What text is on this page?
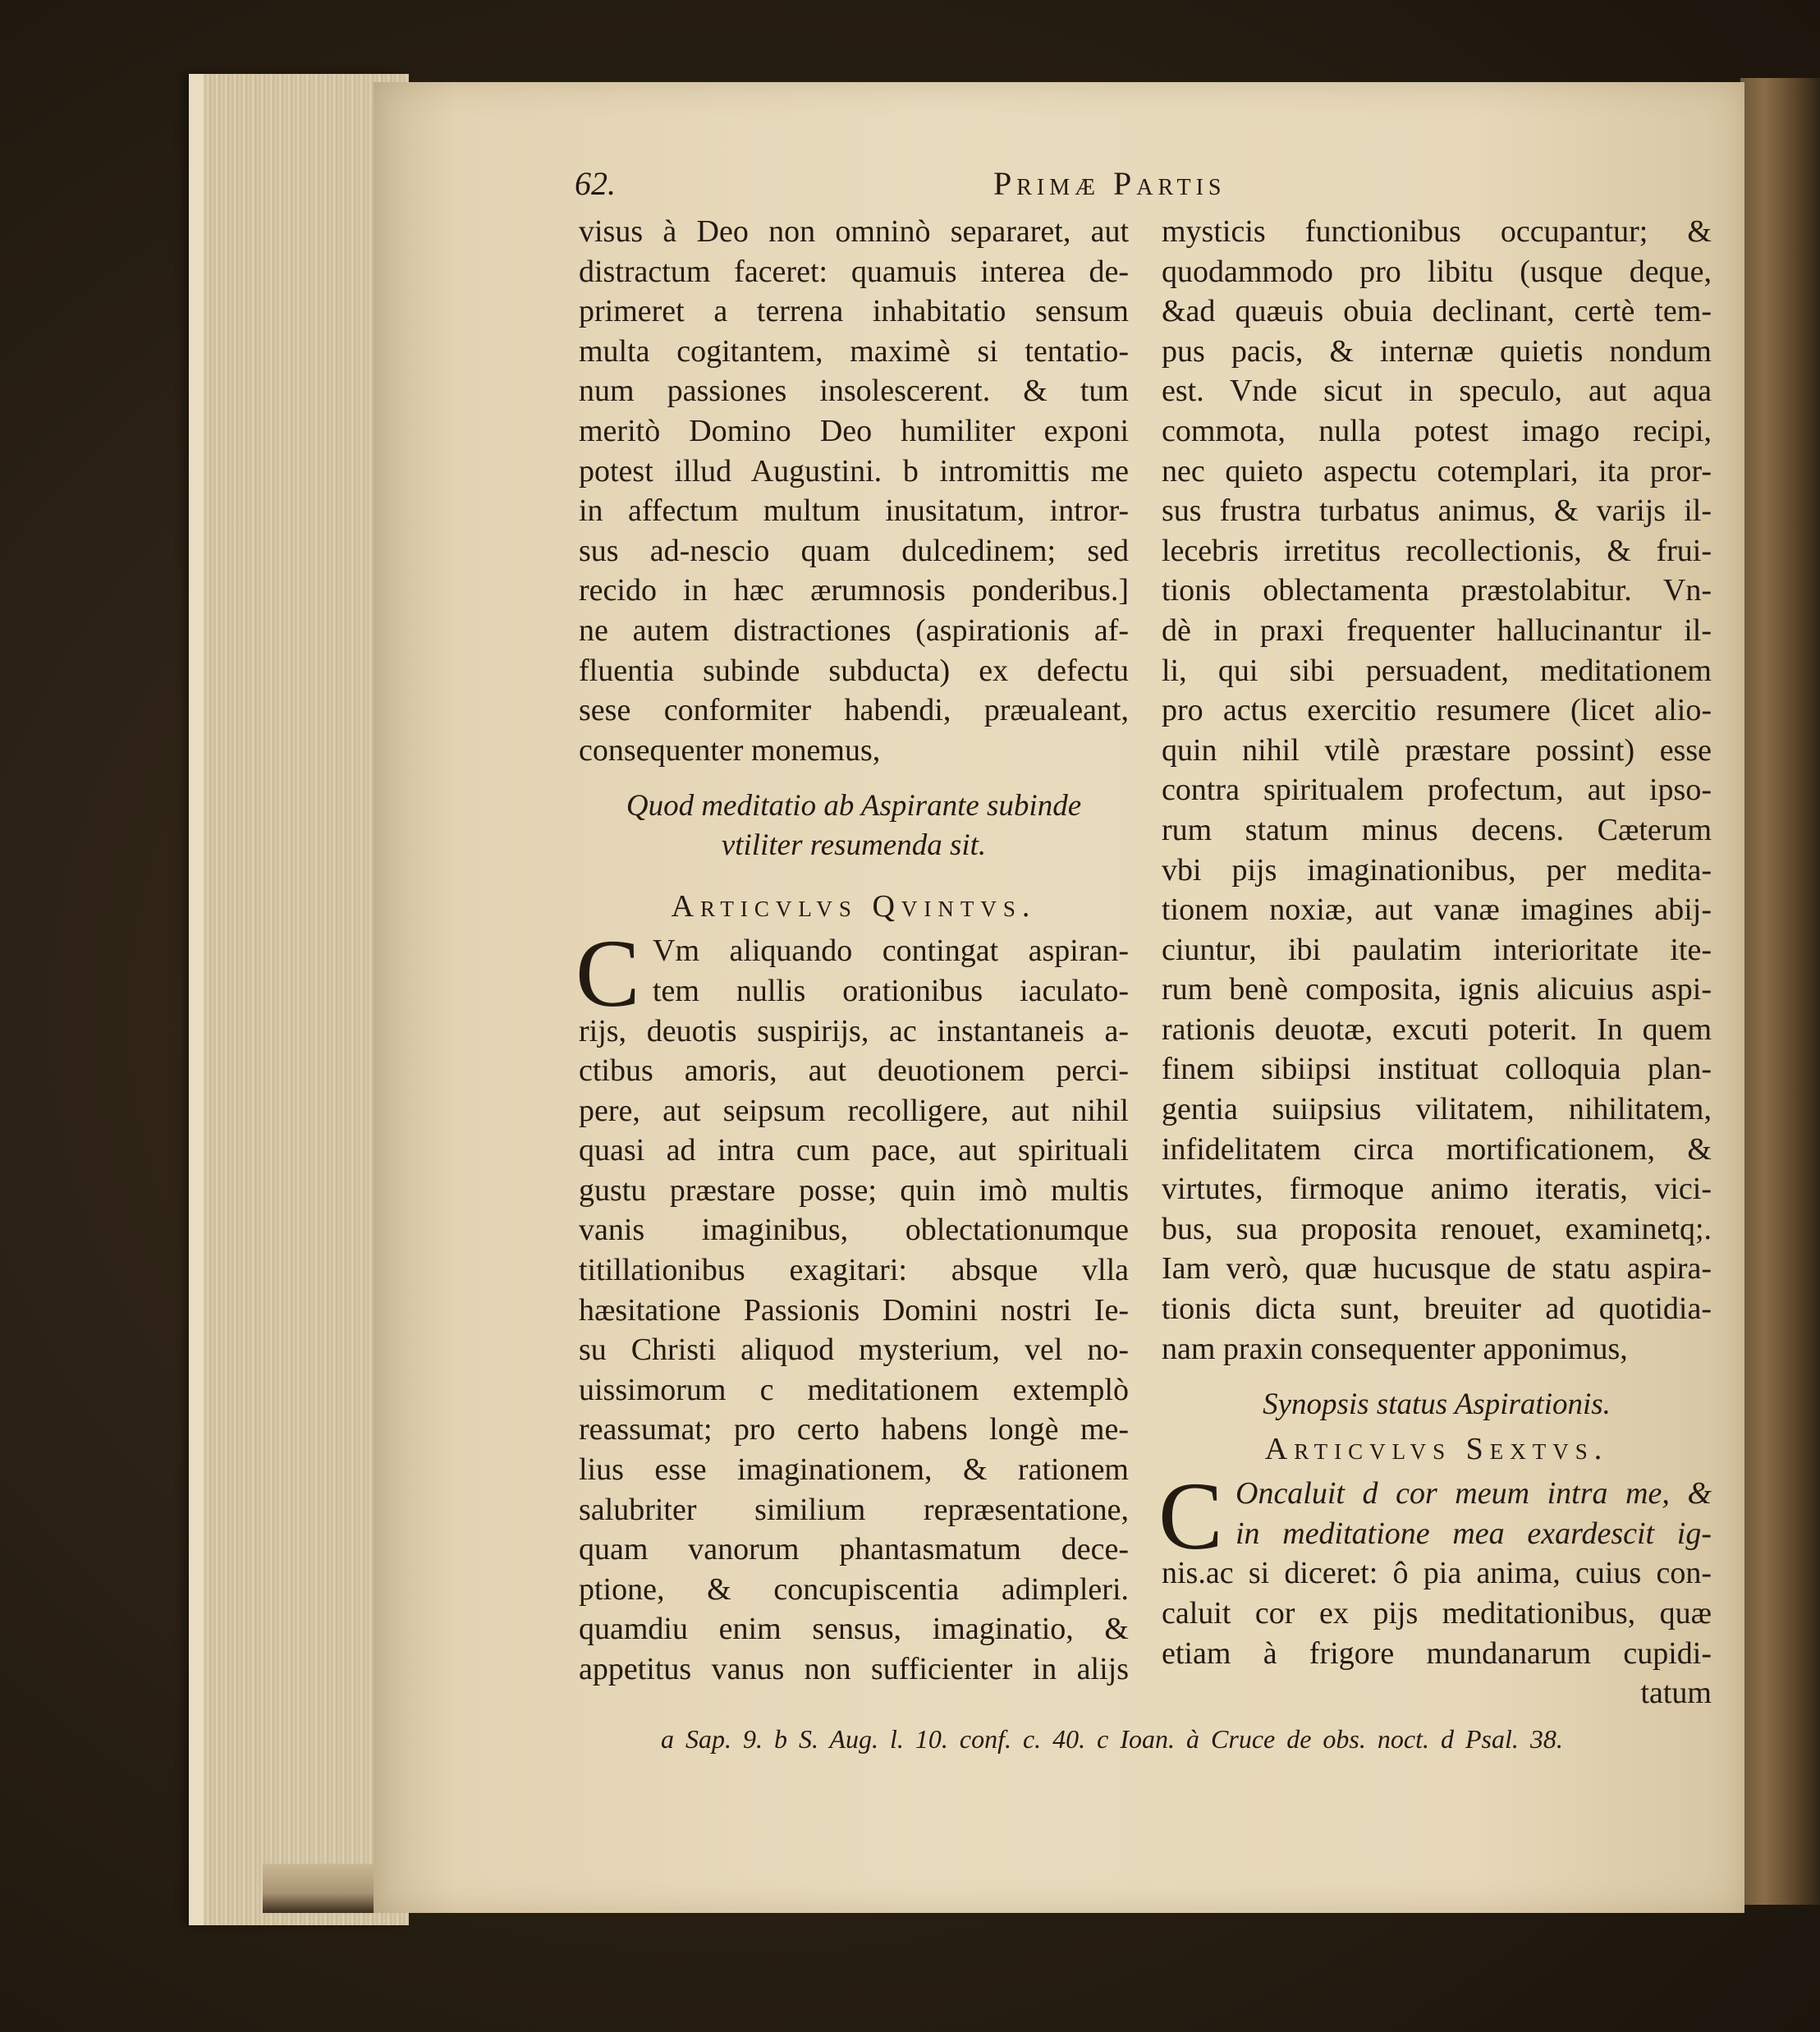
62.	Primæ Partis
visus à Deo non omninò separaret, aut
distractum faceret: quamuis interea de-
primeret a terrena inhabitatio sensum
multa cogitantem, maximè si tentatio-
num passiones insolescerent. & tum
meritò Domino Deo humiliter exponi
potest illud Augustini. b intromittis me
in affectum multum inusitatum, intror-
sus ad-nescio quam dulcedinem; sed
recido in hæc ærumnosis ponderibus.]
ne autem distractiones (aspirationis af-
fluentia subinde subducta) ex defectu
sese conformiter habendi, præualeant,
consequenter monemus,
Quod meditatio ab Aspirante subinde
vtiliter resumenda sit.
Articvlvs Qvintvs.
C Vm aliquando contingat aspiran-
tem nullis orationibus iaculato-
rijs, deuotis suspirijs, ac instantaneis a-
ctibus amoris, aut deuotionem perci-
pere, aut seipsum recolligere, aut nihil
quasi ad intra cum pace, aut spirituali
gustu præstare posse; quin imò multis
vanis imaginibus, oblectationumque
titillationibus exagitari: absque vlla
hæsitatione Passionis Domini nostri Ie-
su Christi aliquod mysterium, vel no-
uissimorum c meditationem extemplò
reassumat; pro certo habens longè me-
lius esse imaginationem, & rationem
salubriter similium repræsentatione,
quam vanorum phantasmatum dece-
ptione, & concupiscentia adimpleri.
quamdiu enim sensus, imaginatio, &
appetitus vanus non sufficienter in alijs
mysticis functionibus occupantur; &
quodammodo pro libitu (usque deque,
&ad quæuis obuia declinant, certè tem-
pus pacis, & internæ quietis nondum
est. Vnde sicut in speculo, aut aqua
commota, nulla potest imago recipi,
nec quieto aspectu cotemplari, ita pror-
sus frustra turbatus animus, & varijs il-
lecebris irretitus recollectionis, & frui-
tionis oblectamenta præstolabitur. Vn-
dè in praxi frequenter hallucinantur il-
li, qui sibi persuadent, meditationem
pro actus exercitio resumere (licet alio-
quin nihil vtilè præstare possint) esse
contra spiritualem profectum, aut ipso-
rum statum minus decens. Cæterum
vbi pijs imaginationibus, per medita-
tionem noxiæ, aut vanæ imagines abij-
ciuntur, ibi paulatim interioritate ite-
rum benè composita, ignis alicuius aspi-
rationis deuotæ, excuti poterit. In quem
finem sibiipsi instituat colloquia plan-
gentia suiipsius vilitatem, nihilitatem,
infidelitatem circa mortificationem, &
virtutes, firmoque animo iteratis, vici-
bus, sua proposita renouet, examinetq;.
Iam verò, quæ hucusque de statu aspira-
tionis dicta sunt, breuiter ad quotidia-
nam praxin consequenter apponimus,
Synopsis status Aspirationis.
Articvlvs Sextvs.
C Oncaluit d cor meum intra me, &
in meditatione mea exardescit ig-
nis.ac si diceret: ô pia anima, cuius con-
caluit cor ex pijs meditationibus, quæ
etiam à frigore mundanarum cupidi-
tatum
a Sap. 9. b S. Aug. l. 10. conf. c. 40. c Ioan. à Cruce de obs. noct. d Psal. 38.
